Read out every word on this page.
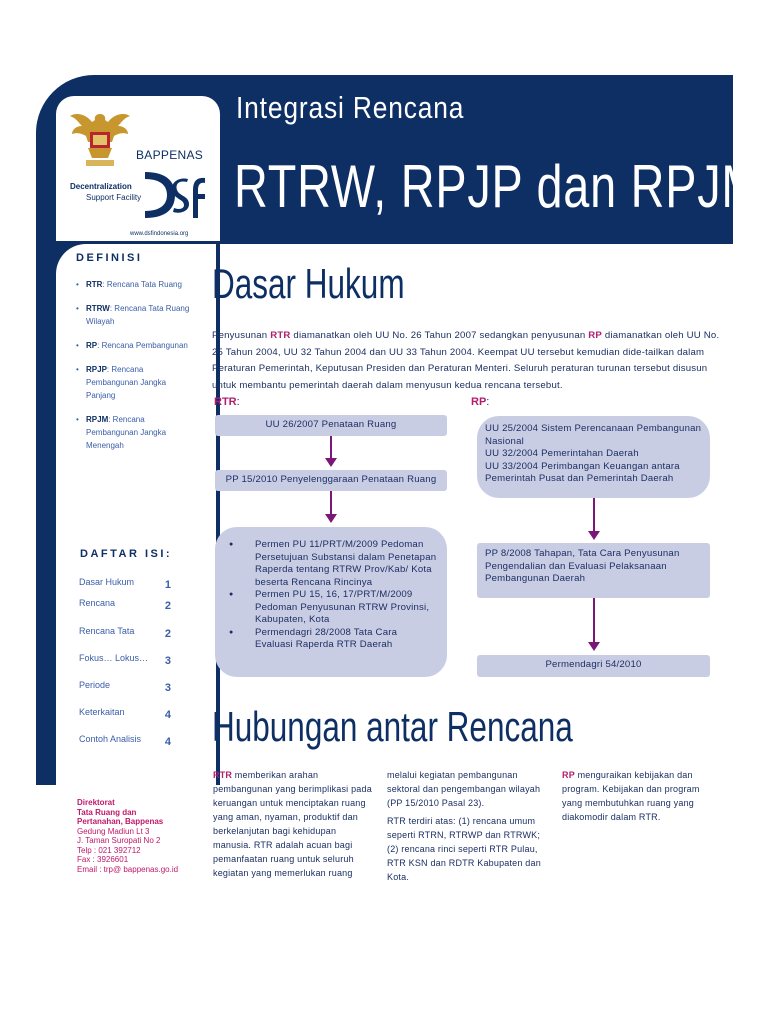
Integrasi Rencana
RTRW, RPJP dan RPJM
BAPPENAS
Decentralization
Support Facility
www.dsfindonesia.org
DEFINISI
• RTR: Rencana Tata Ruang
• RTRW: Rencana Tata Ruang Wilayah
• RP: Rencana Pembangunan
• RPJP: Rencana Pembangunan Jangka Panjang
• RPJM: Rencana Pembangunan Jangka Menengah
DAFTAR ISI:
Dasar Hukum	1
Rencana	2
Rencana Tata	2
Fokus… Lokus… 3
Periode	3
Keterkaitan	4
Contoh Analisis 4
Direktorat
Tata Ruang dan
Pertanahan, Bappenas
Gedung Madiun Lt 3
J. Taman Suropati No 2
Telp : 021 392712
Fax : 3926601
Email : trp@ bappenas.go.id
Dasar Hukum
Penyusunan RTR diamanatkan oleh UU No. 26 Tahun 2007 sedangkan penyusunan RP diamanatkan oleh UU No. 25 Tahun 2004, UU 32 Tahun 2004 dan UU 33 Tahun 2004. Keempat UU tersebut kemudian dide-tailkan dalam Peraturan Pemerintah, Keputusan Presiden dan Peraturan Menteri. Seluruh peraturan turunan tersebut disusun untuk membantu pemerintah daerah dalam menyusun kedua rencana tersebut.
RTR:	RP:
UU 26/2007 Penataan Ruang
PP 15/2010 Penyelenggaraan Penataan Ruang
● Permen PU 11/PRT/M/2009 Pedoman Persetujuan Substansi dalam Penetapan Raperda tentang RTRW Prov/Kab/ Kota beserta Rencana Rincinya
● Permen PU 15, 16, 17/PRT/M/2009 Pedoman Penyusunan RTRW Provinsi, Kabupaten, Kota
● Permendagri 28/2008 Tata Cara Evaluasi Raperda RTR Daerah
UU 25/2004 Sistem Perencanaan Pembangunan Nasional
UU 32/2004 Pemerintahan Daerah
UU 33/2004 Perimbangan Keuangan antara Pemerintah Pusat dan Pemerintah Daerah
PP 8/2008 Tahapan, Tata Cara Penyusunan Pengendalian dan Evaluasi Pelaksanaan Pembangunan Daerah
Permendagri 54/2010
Hubungan antar Rencana
RTR memberikan arahan pembangunan yang berimplikasi pada keruangan untuk menciptakan ruang yang aman, nyaman, produktif dan berkelanjutan bagi kehidupan manusia. RTR adalah acuan bagi pemanfaatan ruang untuk seluruh kegiatan yang memerlukan ruang
melalui kegiatan pembangunan sektoral dan pengembangan wilayah (PP 15/2010 Pasal 23).
RTR terdiri atas: (1) rencana umum seperti RTRN, RTRWP dan RTRWK; (2) rencana rinci seperti RTR Pulau, RTR KSN dan RDTR Kabupaten dan Kota.
RP menguraikan kebijakan dan program. Kebijakan dan program yang membutuhkan ruang yang diakomodir dalam RTR.
